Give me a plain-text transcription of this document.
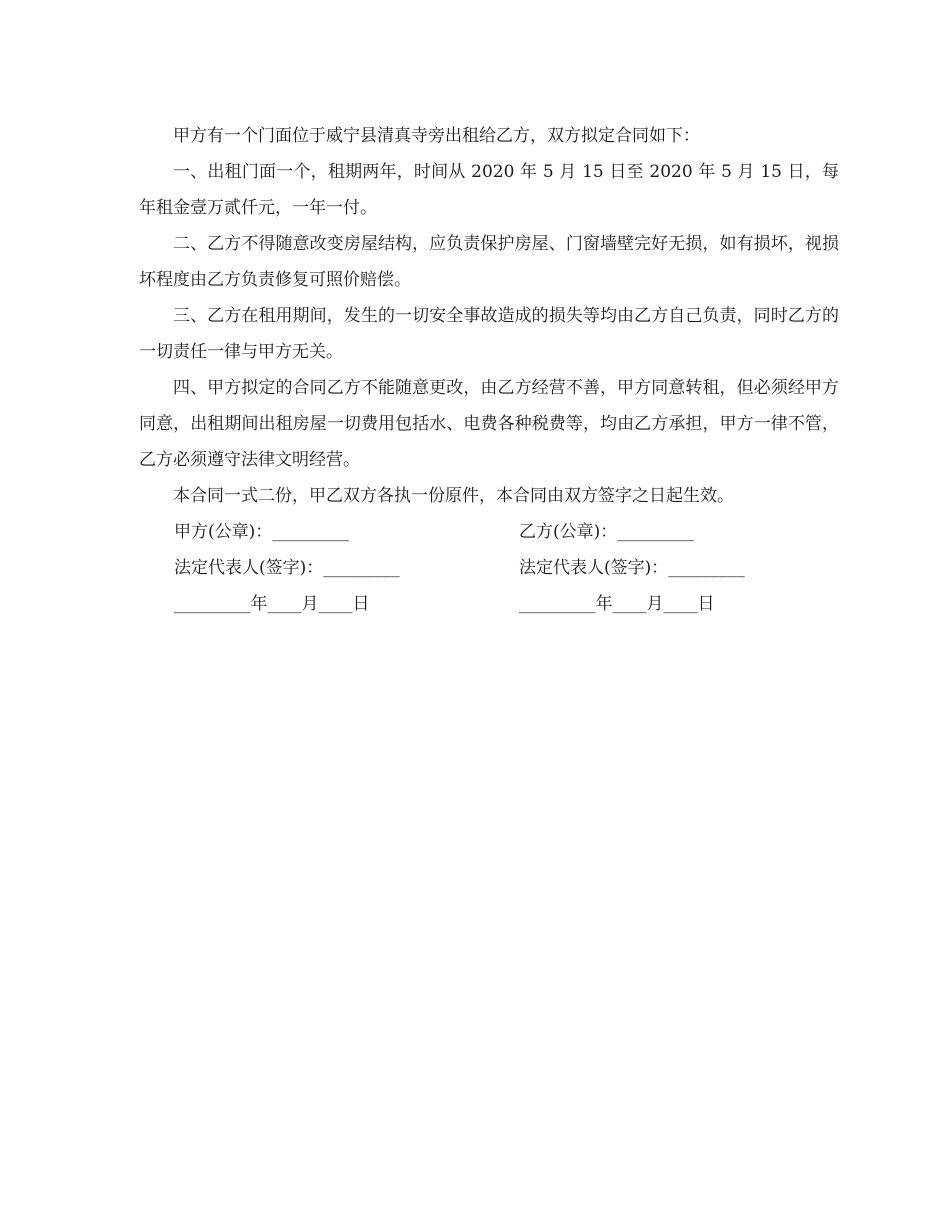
甲方有一个门面位于威宁县清真寺旁出租给乙方，双方拟定合同如下：

一、出租门面一个，租期两年，时间从 2020 年 5 月 15 日至 2020 年 5 月 15 日，每年租金壹万贰仟元，一年一付。

二、乙方不得随意改变房屋结构，应负责保护房屋、门窗墙壁完好无损，如有损坏，视损坏程度由乙方负责修复可照价赔偿。

三、乙方在租用期间，发生的一切安全事故造成的损失等均由乙方自己负责，同时乙方的一切责任一律与甲方无关。

四、甲方拟定的合同乙方不能随意更改，由乙方经营不善，甲方同意转租，但必须经甲方同意，出租期间出租房屋一切费用包括水、电费各种税费等，均由乙方承担，甲方一律不管，乙方必须遵守法律文明经营。

本合同一式二份，甲乙双方各执一份原件，本合同由双方签字之日起生效。

甲方(公章)：_________	乙方(公章)：_________
法定代表人(签字)：_________	法定代表人(签字)：_________
_________年____月____日	_________年____月____日
